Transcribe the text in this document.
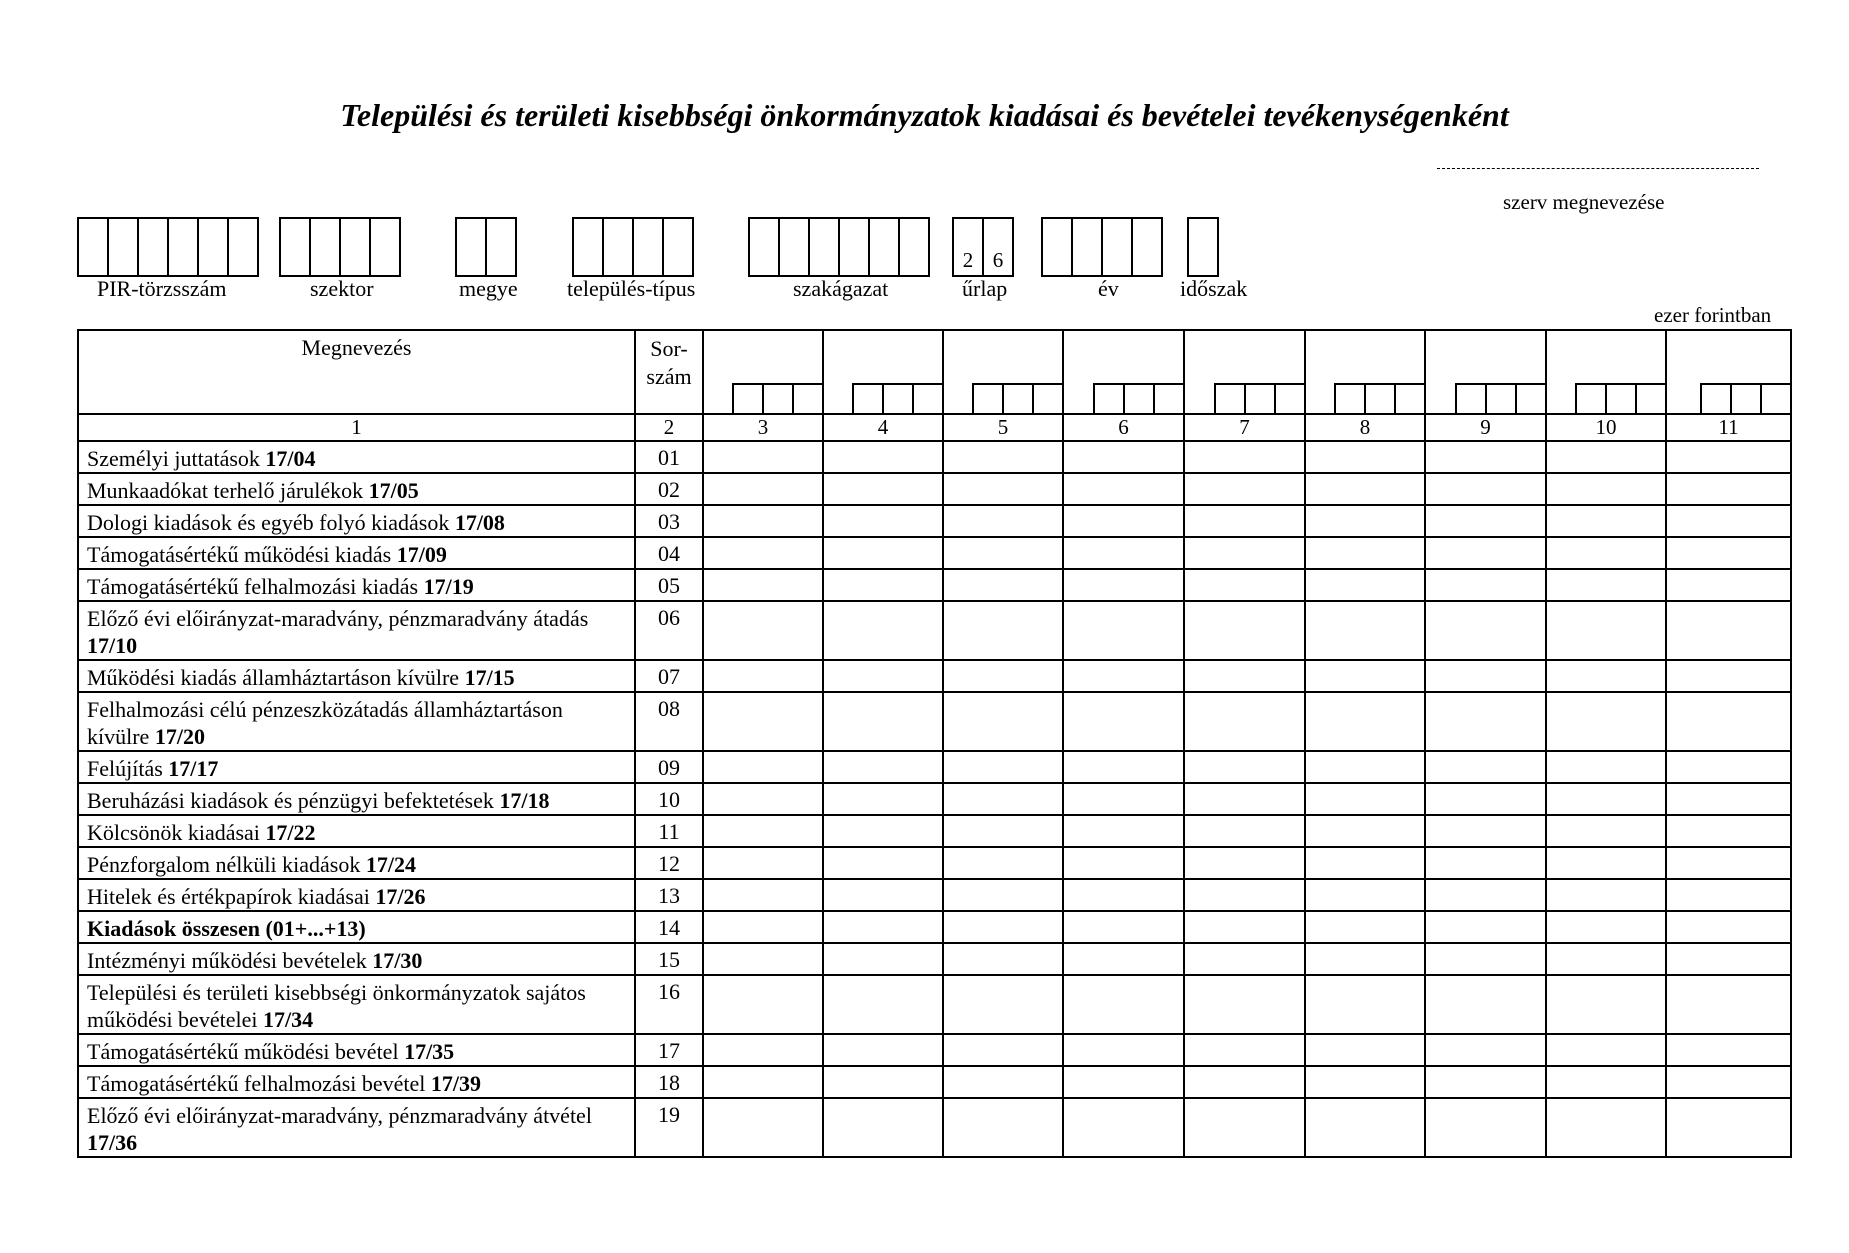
Települési és területi kisebbségi önkormányzatok kiadásai és bevételei tevékenységenként
szerv megnevezése
PIR-törzsszám	szektor	megye település-típus	szakágazat
2 6
űrlap	év	időszak
ezer forintban
Megnevezés	Sor-
szám	

1	2	3	4	5	6	7	8	9	10	11
Személyi juttatások 17/04	01									
Munkaadókat terhelő járulékok 17/05	02									
Dologi kiadások és egyéb folyó kiadások 17/08	03									
Támogatásértékű működési kiadás 17/09	04									
Támogatásértékű felhalmozási kiadás 17/19	05									
Előző évi előirányzat-maradvány, pénzmaradvány átadás 17/10	06									
Működési kiadás államháztartáson kívülre 17/15	07									
Felhalmozási célú pénzeszközátadás államháztartáson kívülre 17/20	08									
Felújítás 17/17	09									
Beruházási kiadások és pénzügyi befektetések 17/18	10									
Kölcsönök kiadásai 17/22	11									
Pénzforgalom nélküli kiadások 17/24	12									
Hitelek és értékpapírok kiadásai 17/26	13									
Kiadások összesen (01+...+13)	14									
Intézményi működési bevételek 17/30	15									
Települési és területi kisebbségi önkormányzatok sajátos működési bevételei 17/34	16									
Támogatásértékű működési bevétel 17/35	17									
Támogatásértékű felhalmozási bevétel 17/39	18									
Előző évi előirányzat-maradvány, pénzmaradvány átvétel 17/36	19									
